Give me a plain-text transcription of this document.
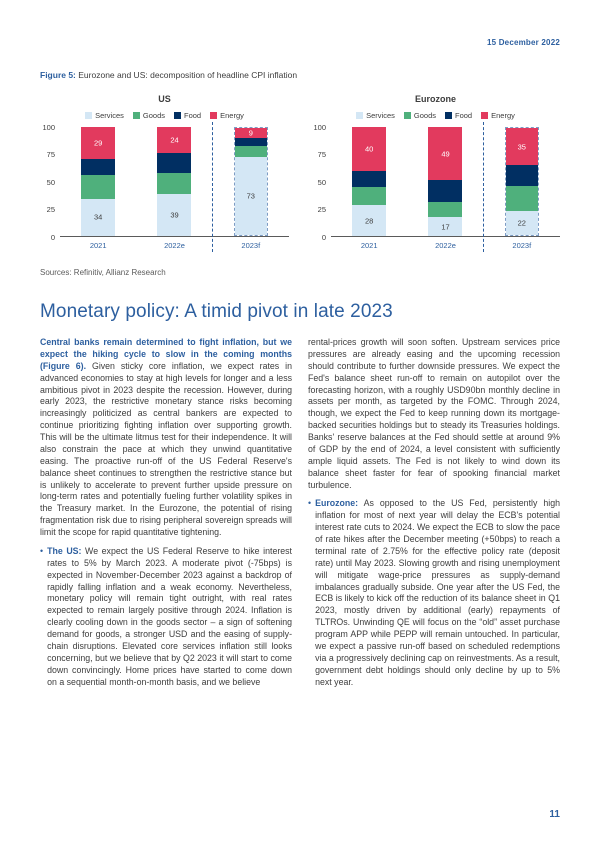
15 December 2022
Figure 5: Eurozone and US: decomposition of headline CPI inflation
US
Services	Goods	Food	Energy
0
25
50
75
100
34
29
39
24
73
9
2021	2022e	2023f
Eurozone
Services	Goods	Food	Energy
0
25
50
75
100
28
40
17
49
22
35
2021	2022e	2023f
Sources: Refinitiv, Allianz Research
Monetary policy: A timid pivot in late 2023

Central banks remain determined to fight inflation, but we expect the hiking cycle to slow in the coming months (Figure 6). Given sticky core inflation, we expect rates in advanced economies to stay at high levels for longer and a less ambitious pivot in 2023 despite the recession. However, during early 2023, the restrictive monetary stance risks becoming increasingly politicized as central bankers are expected to continue prioritizing fighting inflation over supporting growth. This will be the ultimate litmus test for their independence. It will also constrain the pace at which they unwind quantitative easing. The proactive run-off of the US Federal Reserve's balance sheet continues to strengthen the restrictive stance but is unlikely to accelerate to prevent further upside pressure on long-term rates and potentially fueling further volatility spikes in the Treasury market. In the Eurozone, the potential of rising fragmentation risk due to rising peripheral sovereign spreads will limit the scope for rapid quantitative tightening.

• The US: We expect the US Federal Reserve to hike interest rates to 5% by March 2023. A moderate pivot (-75bps) is expected in November-December 2023 against a backdrop of rapidly falling inflation and a weak economy. Nevertheless, monetary policy will remain tight outright, with real rates expected to remain largely positive through 2024. Inflation is clearly cooling down in the goods sector – a sign of softening demand for goods, a stronger USD and the easing of supply-chain disruptions. Elevated core services inflation still looks concerning, but we believe that by Q2 2023 it will start to come down convincingly. Home prices have started to come down on a sequential month-on-month basis, and we believe

rental-prices growth will soon soften. Upstream services price pressures are already easing and the upcoming recession should contribute to further downside pressures. We expect the Fed's balance sheet run-off to remain on autopilot over the forecasting horizon, with a roughly USD90bn monthly decline in assets per month, as targeted by the FOMC. Through 2024, though, we expect the Fed to keep running down its mortgage-backed securities holdings but to steady its Treasuries holdings. Banks' reserve balances at the Fed should settle at around 9% of GDP by the end of 2024, a level consistent with sufficiently ample liquid assets. The Fed is not likely to wind down its balance sheet faster for fear of spooking financial market turbulence.

• Eurozone: As opposed to the US Fed, persistently high inflation for most of next year will delay the ECB's potential interest rate cuts to 2024. We expect the ECB to slow the pace of rate hikes after the December meeting (+50bps) to reach a terminal rate of 2.75% for the effective policy rate (deposit rate) until May 2023. Slowing growth and rising unemployment will mitigate wage-price pressures as supply-demand imbalances gradually subside. One year after the US Fed, the ECB is likely to kick off the reduction of its balance sheet in Q1 2023, mostly driven by additional (early) repayments of TLTROs. Unwinding QE will focus on the “old” asset purchase program APP while PEPP will remain untouched. In particular, we expect a passive run-off based on scheduled redemptions via a progressively declining cap on reinvestments. As a result, government debt holdings should only decline by up to 5% next year.

11
